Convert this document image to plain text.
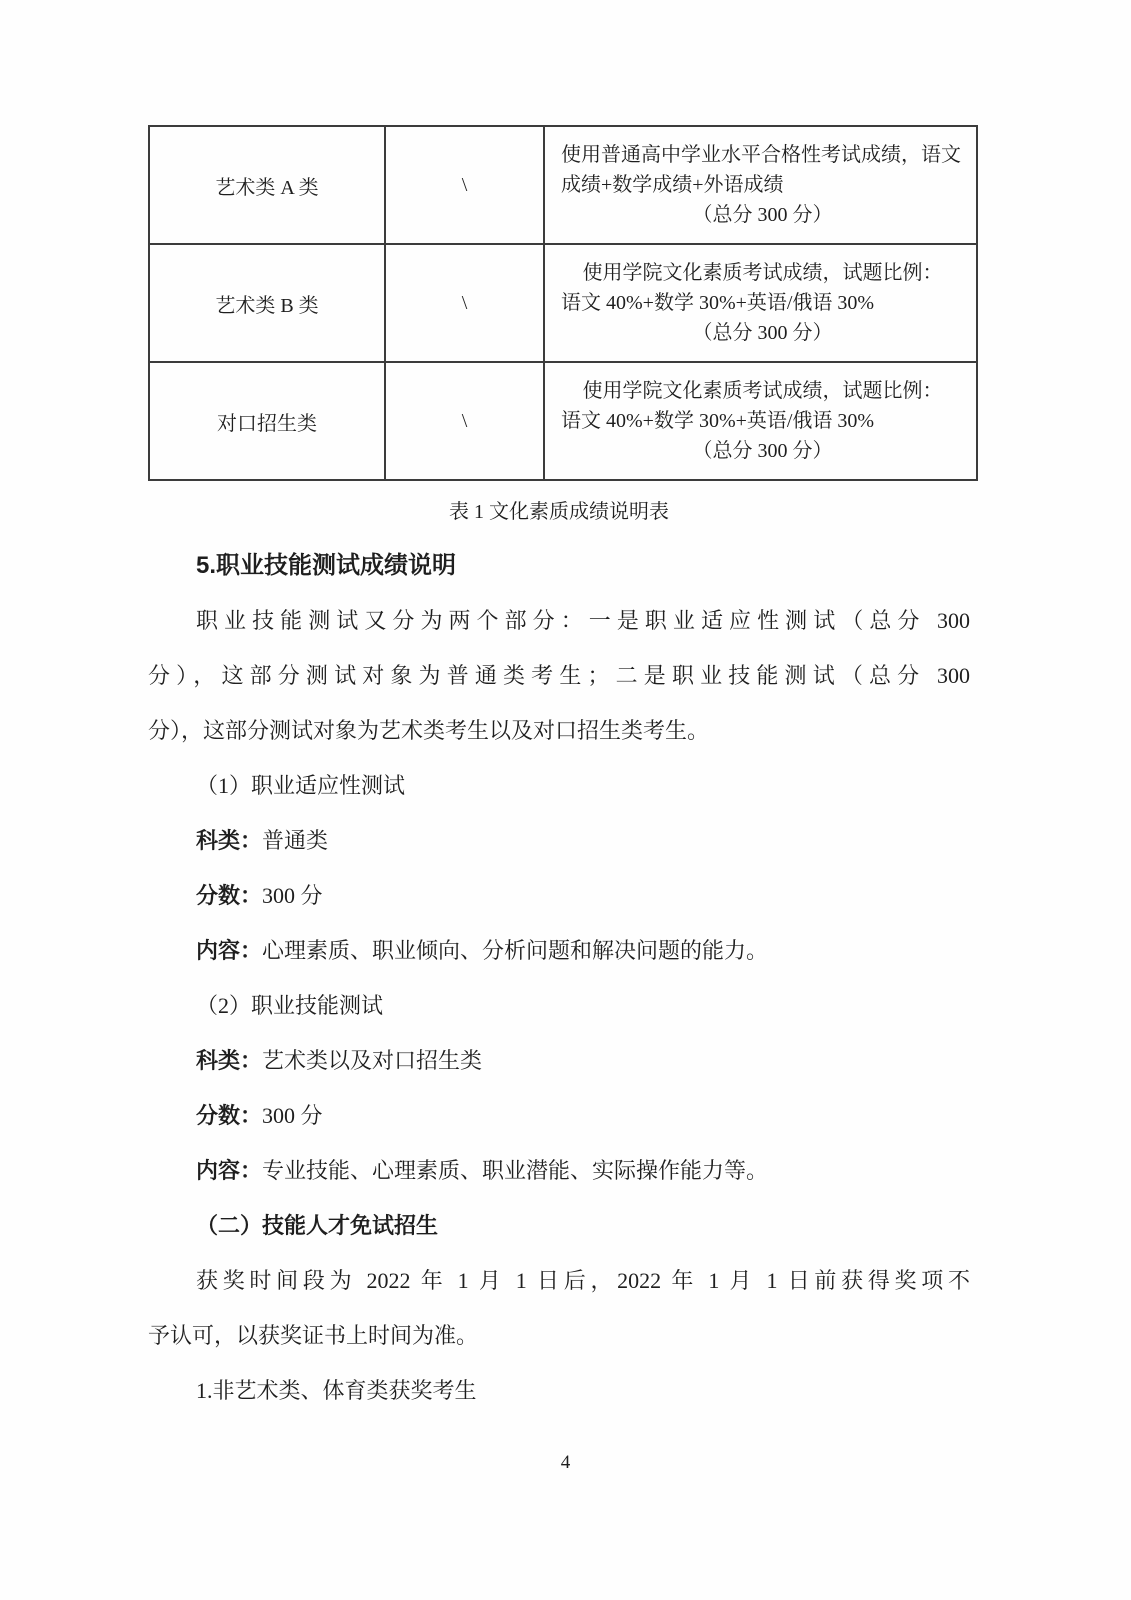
艺术类 A 类	\	使用普通高中学业水平合格性考试成绩，语文
成绩+数学成绩+外语成绩
（总分 300 分）

艺术类 B 类	\	使用学院文化素质考试成绩，试题比例：
语文 40%+数学 30%+英语/俄语 30%
（总分 300 分）

对口招生类	\	使用学院文化素质考试成绩，试题比例：
语文 40%+数学 30%+英语/俄语 30%
（总分 300 分）
表 1 文化素质成绩说明表
5.职业技能测试成绩说明
职业技能测试又分为两个部分：一是职业适应性测试（总分 300
分），这部分测试对象为普通类考生；二是职业技能测试（总分 300
分），这部分测试对象为艺术类考生以及对口招生类考生。
（1）职业适应性测试
科类：普通类
分数：300 分
内容：心理素质、职业倾向、分析问题和解决问题的能力。
（2）职业技能测试
科类：艺术类以及对口招生类
分数：300 分
内容：专业技能、心理素质、职业潜能、实际操作能力等。
（二）技能人才免试招生
获奖时间段为 2022 年 1 月 1 日后，2022 年 1 月 1 日前获得奖项不
予认可，以获奖证书上时间为准。
1.非艺术类、体育类获奖考生
4
